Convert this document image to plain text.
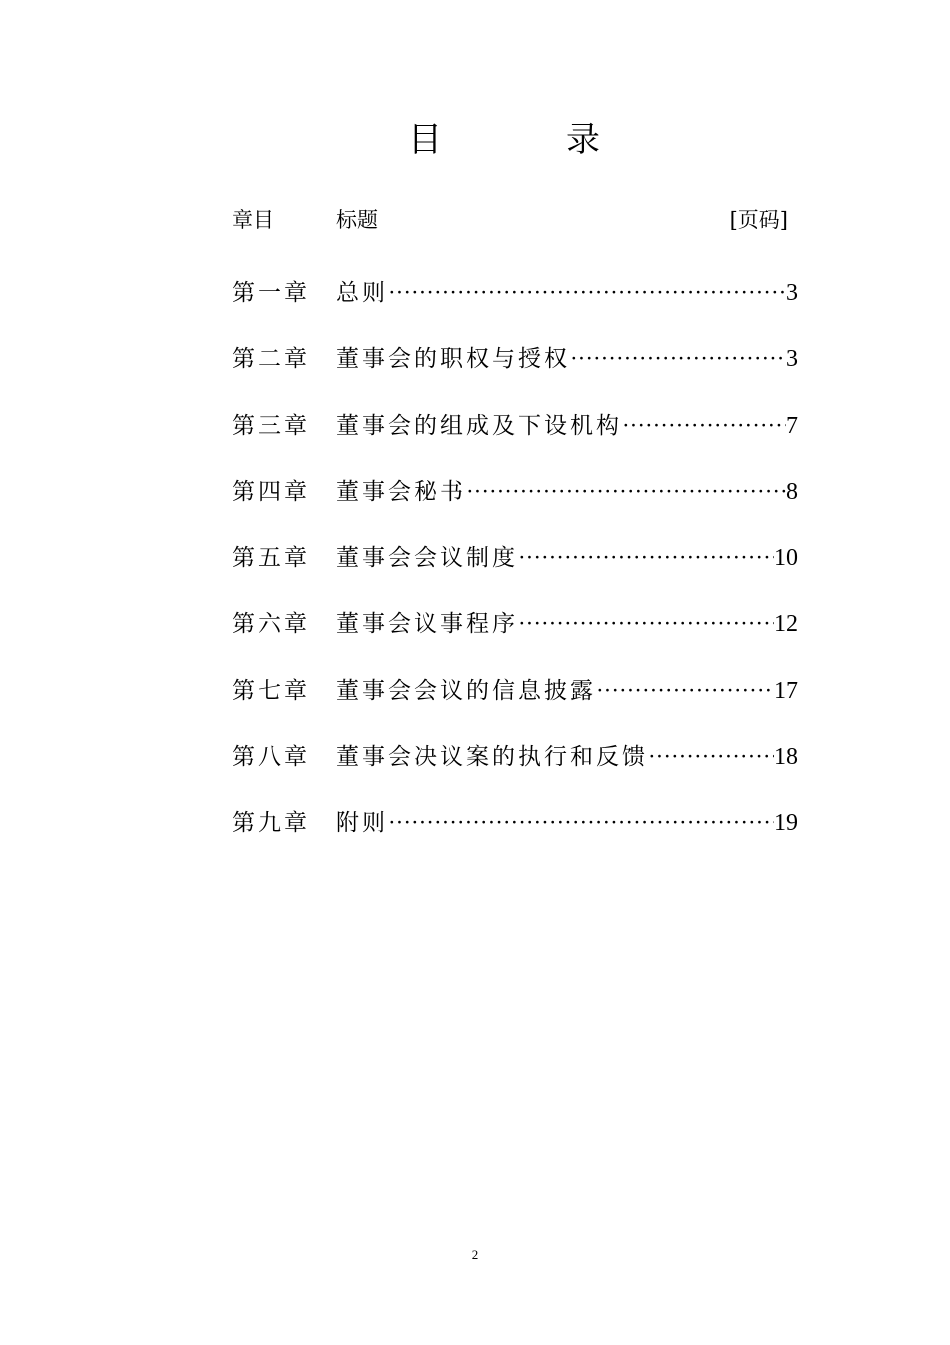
目	录
章目	标题	[页码]
第一章 总则 ·····	3
第二章 董事会的职权与授权 ·····	3
第三章 董事会的组成及下设机构 ·····	7
第四章 董事会秘书 ·····	8
第五章 董事会会议制度 ·····	10
第六章 董事会议事程序 ·····	12
第七章 董事会会议的信息披露 ·····	17
第八章 董事会决议案的执行和反馈 ·····	18
第九章 附则 ·····	19
2
